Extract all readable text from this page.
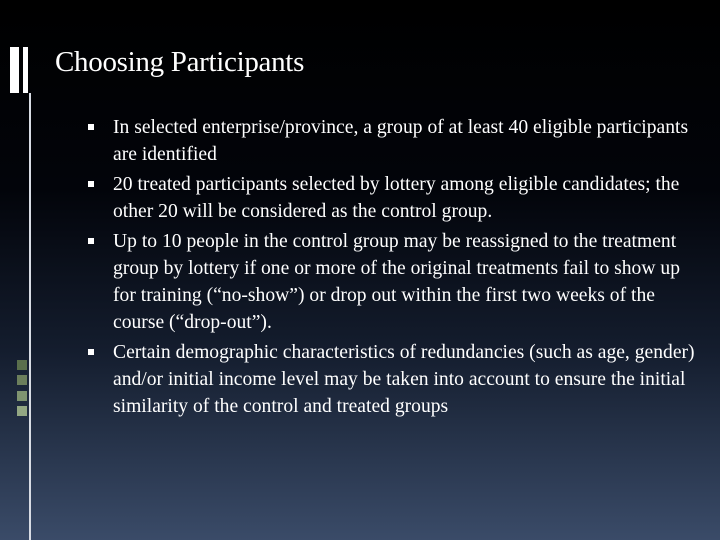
Choosing Participants
In selected enterprise/province, a group of at least 40 eligible participants are identified
20 treated participants selected by lottery among eligible candidates; the other 20 will be considered as the control group.
Up to 10 people in the control group may be reassigned to the treatment group by lottery if one or more of the original treatments fail to show up for training (“no-show”) or drop out within the first two weeks of the course (“drop-out”).
Certain demographic characteristics of redundancies (such as age, gender) and/or initial income level may be taken into account to ensure the initial similarity of the control and treated groups
